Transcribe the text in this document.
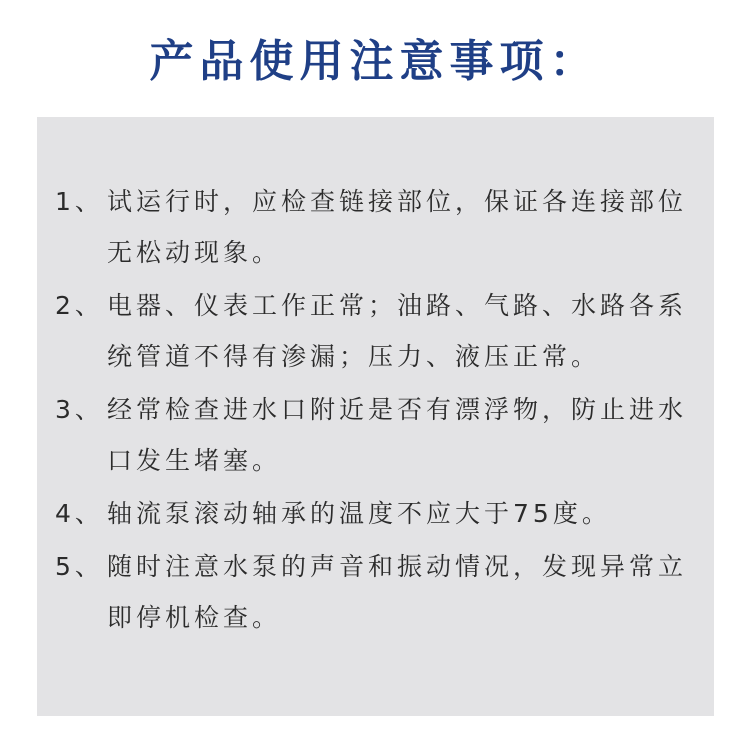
产品使用注意事项：
1、 试运行时，应检查链接部位，保证各连接部位无松动现象。
2、 电器、仪表工作正常；油路、气路、水路各系统管道不得有渗漏；压力、液压正常。
3、 经常检查进水口附近是否有漂浮物，防止进水口发生堵塞。
4、 轴流泵滚动轴承的温度不应大于75度。
5、 随时注意水泵的声音和振动情况，发现异常立即停机检查。
